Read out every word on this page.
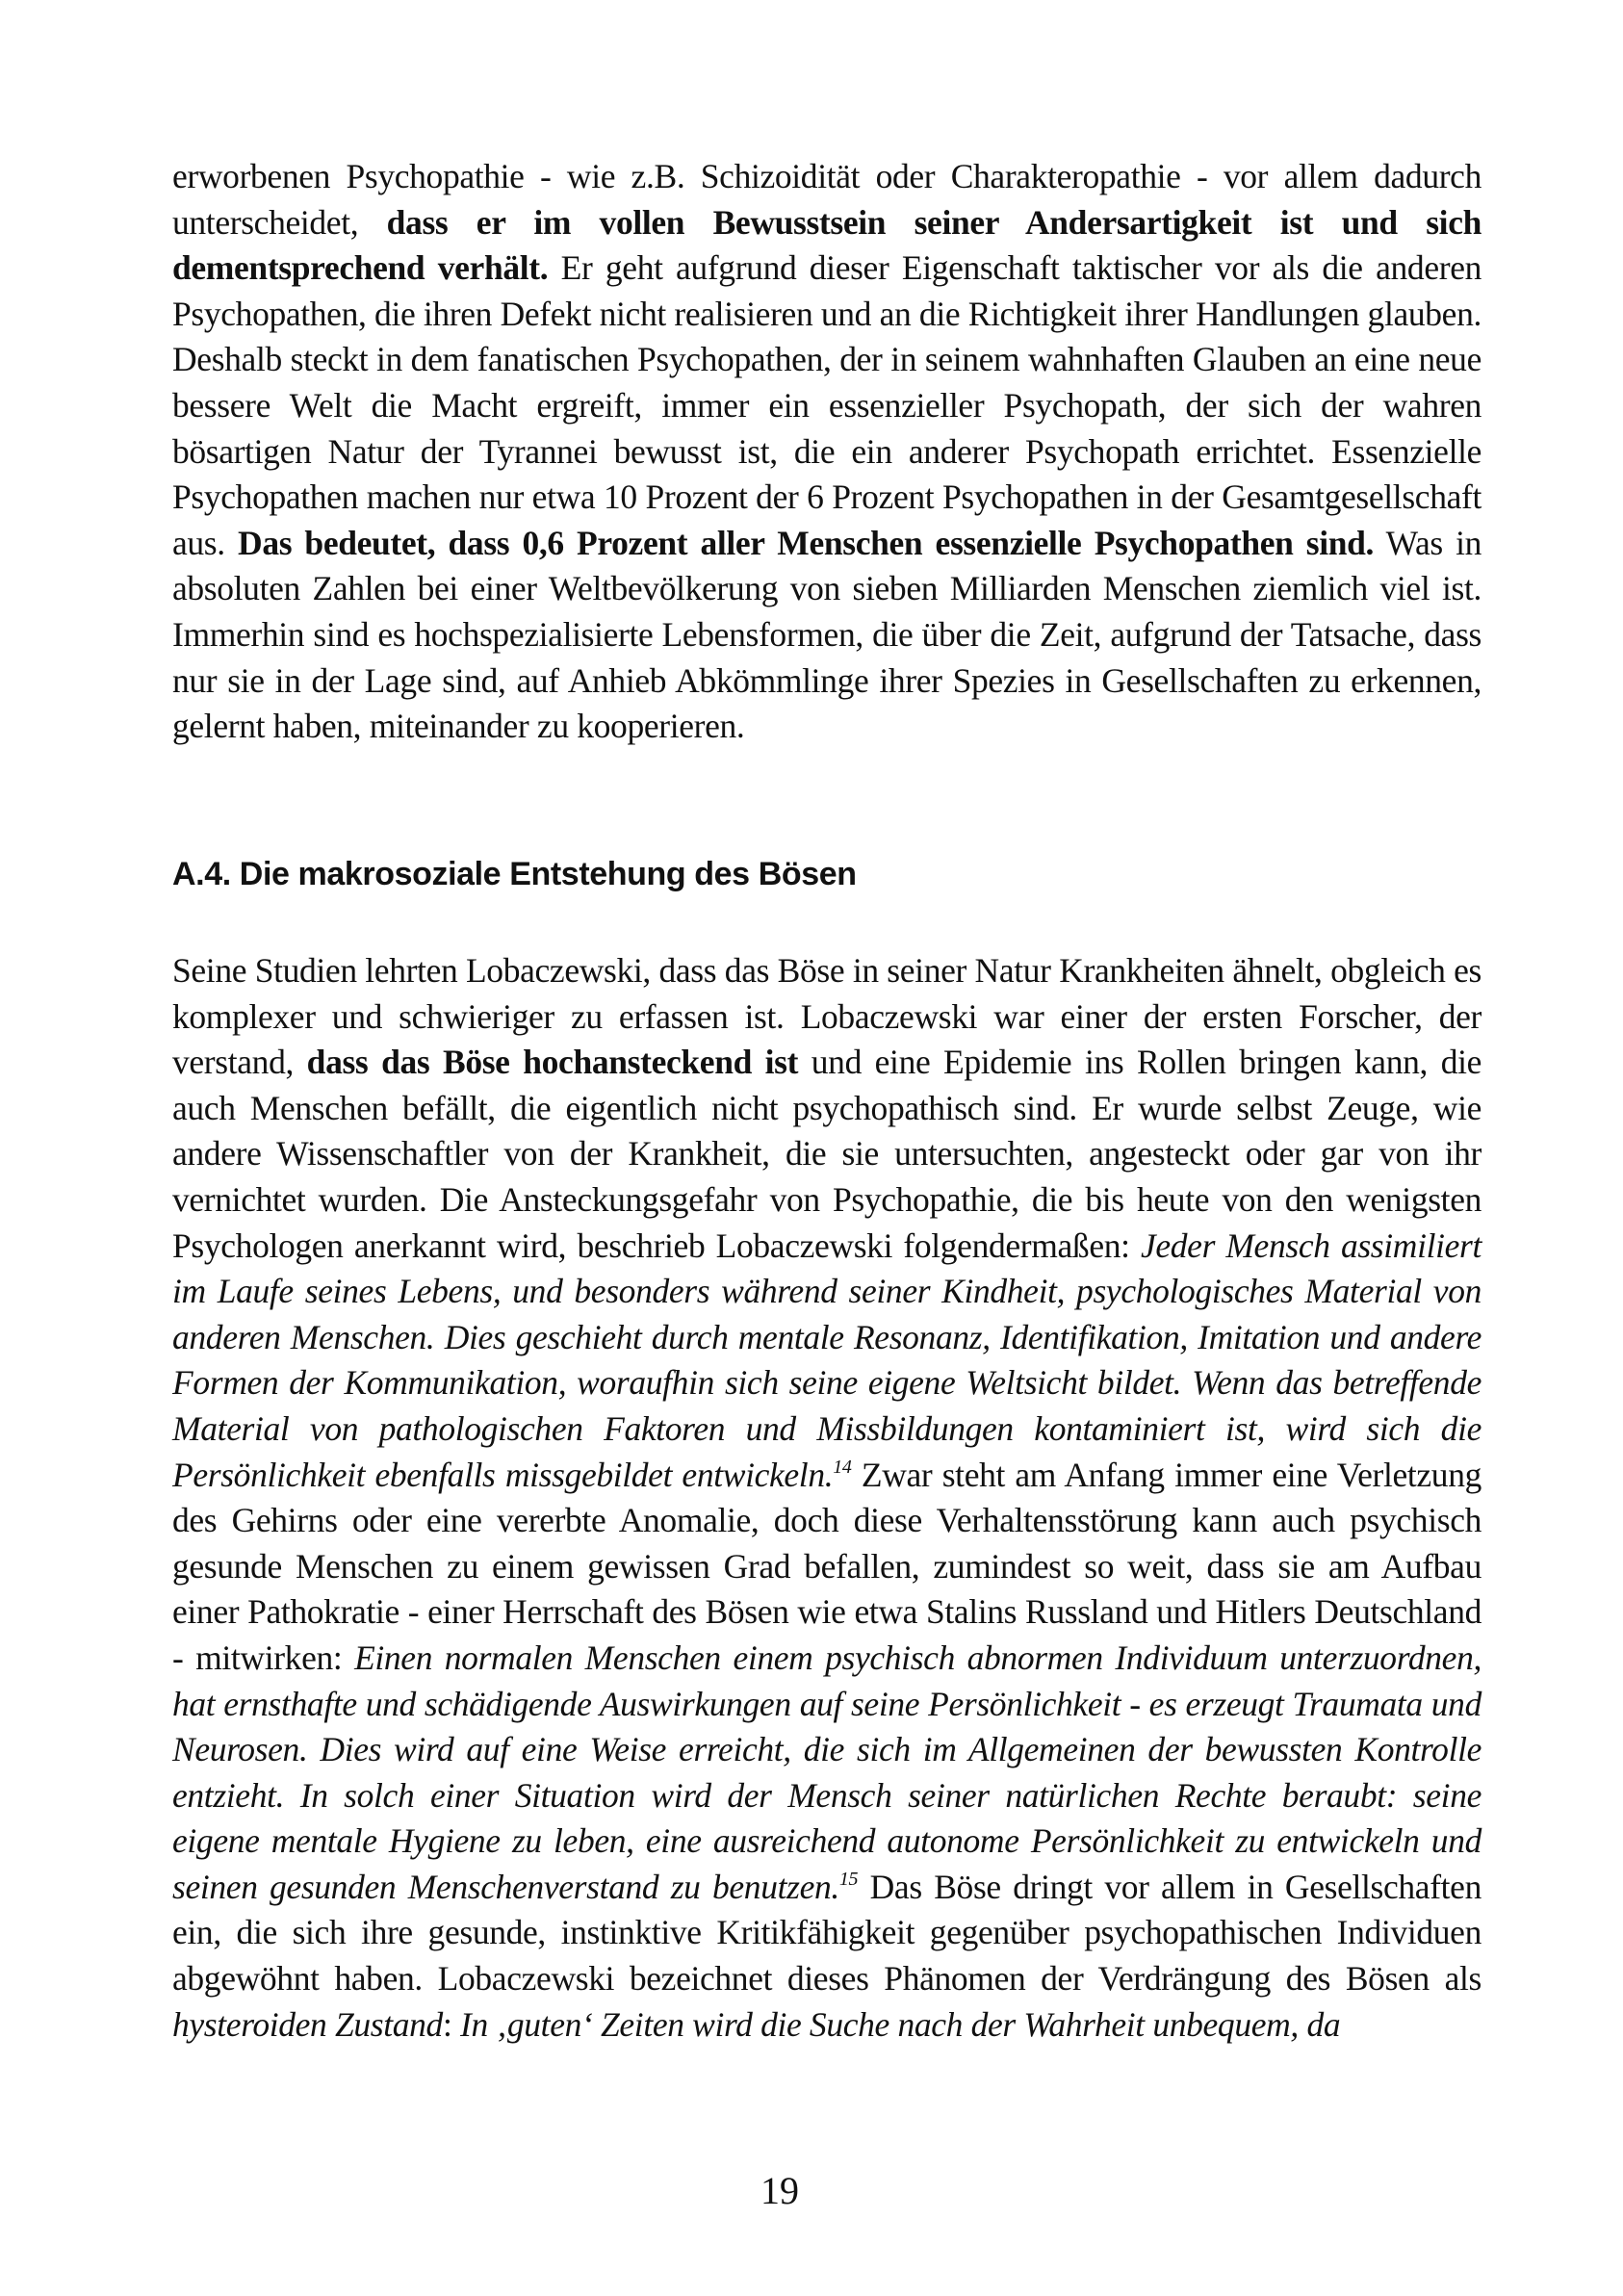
erworbenen Psychopathie - wie z.B. Schizoidität oder Charakteropathie - vor allem dadurch unterscheidet, dass er im vollen Bewusstsein seiner Andersartigkeit ist und sich dementsprechend verhält. Er geht aufgrund dieser Eigenschaft taktischer vor als die anderen Psychopathen, die ihren Defekt nicht realisieren und an die Richtigkeit ihrer Handlungen glauben. Deshalb steckt in dem fanatischen Psychopathen, der in seinem wahnhaften Glauben an eine neue bessere Welt die Macht ergreift, immer ein essenzieller Psychopath, der sich der wahren bösartigen Natur der Tyrannei bewusst ist, die ein anderer Psychopath errichtet. Essenzielle Psychopathen machen nur etwa 10 Prozent der 6 Prozent Psychopathen in der Gesamtgesellschaft aus. Das bedeutet, dass 0,6 Prozent aller Menschen essenzielle Psychopathen sind. Was in absoluten Zahlen bei einer Weltbevölkerung von sieben Milliarden Menschen ziemlich viel ist. Immerhin sind es hochspezialisierte Lebensformen, die über die Zeit, aufgrund der Tatsache, dass nur sie in der Lage sind, auf Anhieb Abkömmlinge ihrer Spezies in Gesellschaften zu erkennen, gelernt haben, miteinander zu kooperieren.

A.4. Die makrosoziale Entstehung des Bösen

Seine Studien lehrten Lobaczewski, dass das Böse in seiner Natur Krankheiten ähnelt, obgleich es komplexer und schwieriger zu erfassen ist. Lobaczewski war einer der ersten Forscher, der verstand, dass das Böse hochansteckend ist und eine Epidemie ins Rollen bringen kann, die auch Menschen befällt, die eigentlich nicht psychopathisch sind. Er wurde selbst Zeuge, wie andere Wissenschaftler von der Krankheit, die sie untersuchten, angesteckt oder gar von ihr vernichtet wurden. Die Ansteckungsgefahr von Psychopathie, die bis heute von den wenigsten Psychologen anerkannt wird, beschrieb Lobaczewski folgendermaßen: Jeder Mensch assimiliert im Laufe seines Lebens, und besonders während seiner Kindheit, psychologisches Material von anderen Menschen. Dies geschieht durch mentale Resonanz, Identifikation, Imitation und andere Formen der Kommunikation, woraufhin sich seine eigene Weltsicht bildet. Wenn das betreffende Material von pathologischen Faktoren und Missbildungen kontaminiert ist, wird sich die Persönlichkeit ebenfalls missgebildet entwickeln.$^{14}$ Zwar steht am Anfang immer eine Verletzung des Gehirns oder eine vererbte Anomalie, doch diese Verhaltensstörung kann auch psychisch gesunde Menschen zu einem gewissen Grad befallen, zumindest so weit, dass sie am Aufbau einer Pathokratie - einer Herrschaft des Bösen wie etwa Stalins Russland und Hitlers Deutschland - mitwirken: Einen normalen Menschen einem psychisch abnormen Individuum unterzuordnen, hat ernsthafte und schädigende Auswirkungen auf seine Persönlichkeit - es erzeugt Traumata und Neurosen. Dies wird auf eine Weise erreicht, die sich im Allgemeinen der bewussten Kontrolle entzieht. In solch einer Situation wird der Mensch seiner natürlichen Rechte beraubt: seine eigene mentale Hygiene zu leben, eine ausreichend autonome Persönlichkeit zu entwickeln und seinen gesunden Menschenverstand zu benutzen.$^{15}$ Das Böse dringt vor allem in Gesellschaften ein, die sich ihre gesunde, instinktive Kritikfähigkeit gegenüber psychopathischen Individuen abgewöhnt haben. Lobaczewski bezeichnet dieses Phänomen der Verdrängung des Bösen als hysteroiden Zustand: In ‚guten‘ Zeiten wird die Suche nach der Wahrheit unbequem, da

19
